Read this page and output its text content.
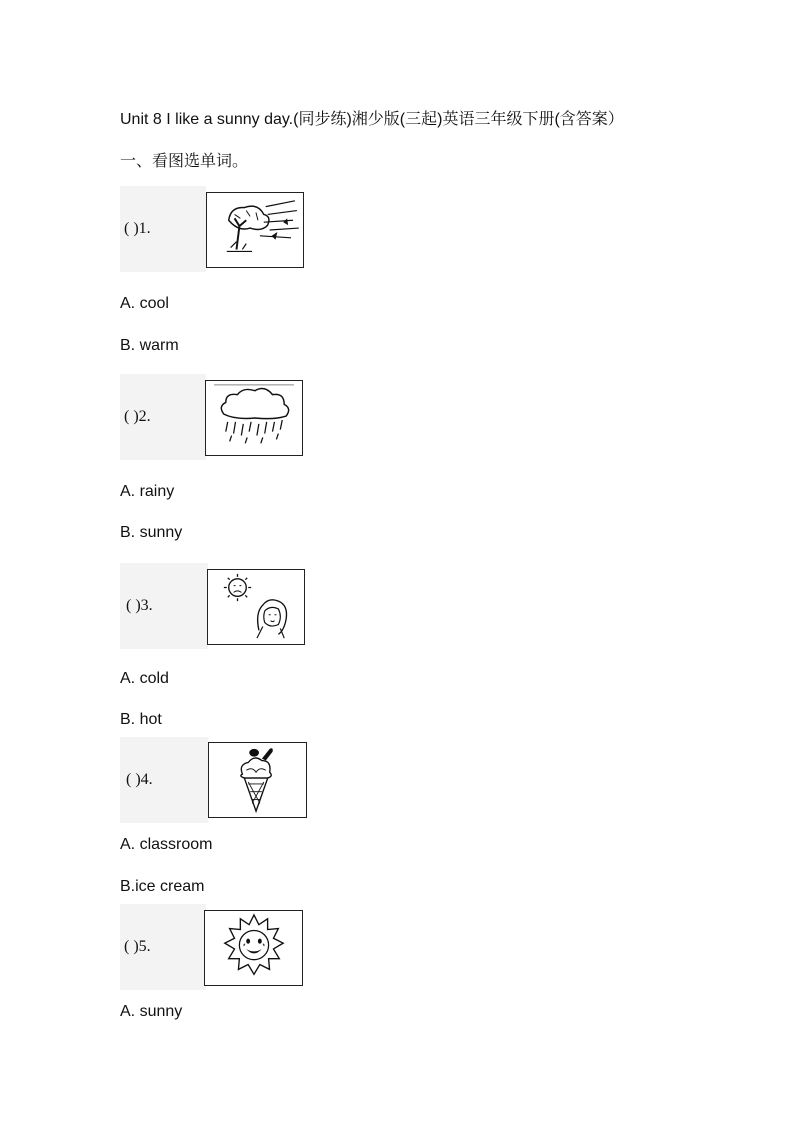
Unit 8 I like a sunny day.(同步练)湘少版(三起)英语三年级下册(含答案）
一、看图选单词。
( )1.
A. cool
B. warm
( )2.
A. rainy
B. sunny
( )3.
A. cold
B. hot
( )4.
A. classroom
B.ice cream
( )5.
A. sunny
